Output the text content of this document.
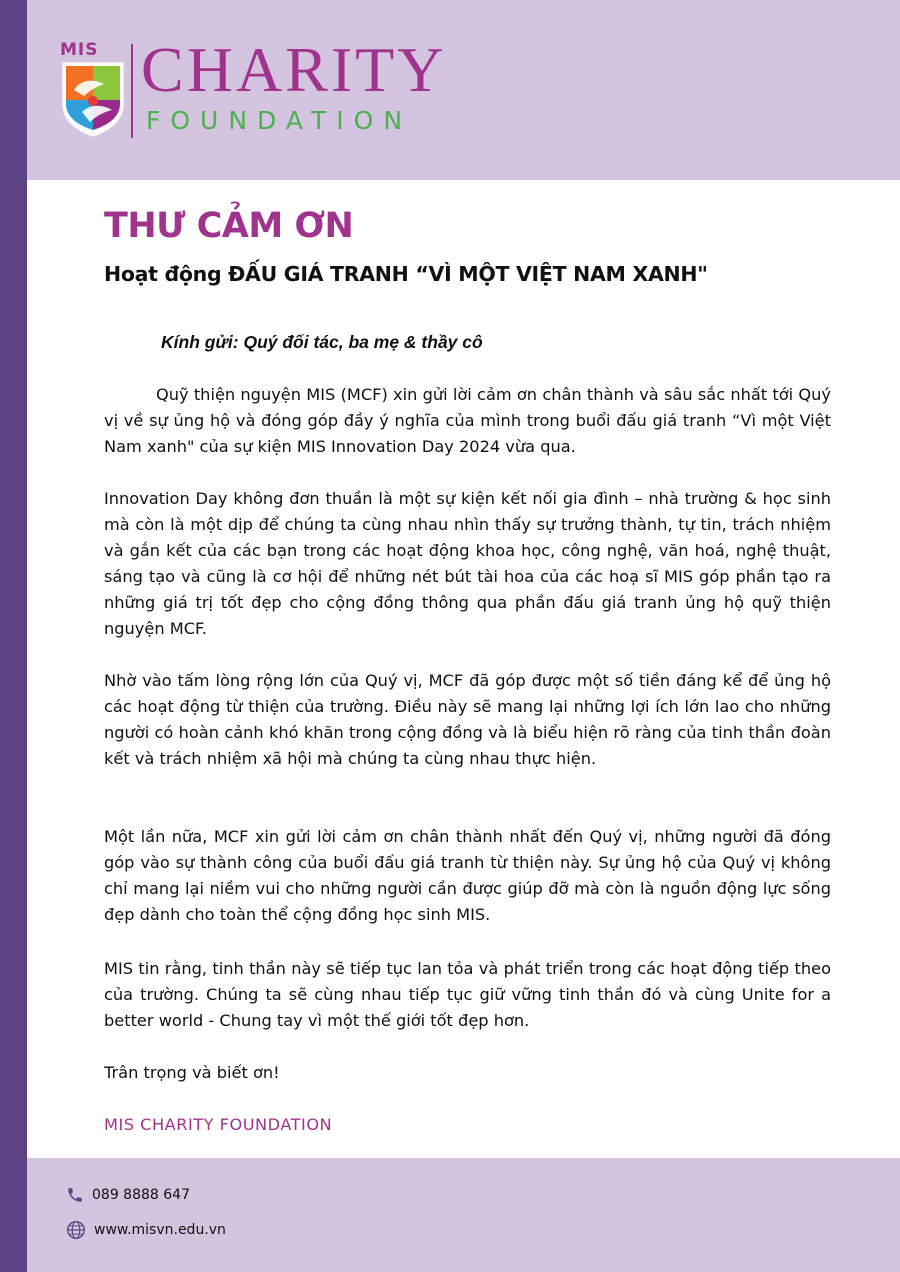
MIS CHARITY
FOUNDATION
THƯ CẢM ƠN
Hoạt động ĐẤU GIÁ TRANH “VÌ MỘT VIỆT NAM XANH"

Kính gửi: Quý đối tác, ba mẹ & thầy cô

Quỹ thiện nguyện MIS (MCF) xin gửi lời cảm ơn chân thành và sâu sắc nhất tới Quý vị về sự ủng hộ và đóng góp đầy ý nghĩa của mình trong buổi đấu giá tranh “Vì một Việt Nam xanh" của sự kiện MIS Innovation Day 2024 vừa qua.

Innovation Day không đơn thuần là một sự kiện kết nối gia đình – nhà trường & học sinh mà còn là một dịp để chúng ta cùng nhau nhìn thấy sự trưởng thành, tự tin, trách nhiệm và gắn kết của các bạn trong các hoạt động khoa học, công nghệ, văn hoá, nghệ thuật, sáng tạo và cũng là cơ hội để những nét bút tài hoa của các hoạ sĩ MIS góp phần tạo ra những giá trị tốt đẹp cho cộng đồng thông qua phần đấu giá tranh ủng hộ quỹ thiện nguyện MCF.

Nhờ vào tấm lòng rộng lớn của Quý vị, MCF đã góp được một số tiền đáng kể để ủng hộ các hoạt động từ thiện của trường. Điều này sẽ mang lại những lợi ích lớn lao cho những người có hoàn cảnh khó khăn trong cộng đồng và là biểu hiện rõ ràng của tinh thần đoàn kết và trách nhiệm xã hội mà chúng ta cùng nhau thực hiện.

Một lần nữa, MCF xin gửi lời cảm ơn chân thành nhất đến Quý vị, những người đã đóng góp vào sự thành công của buổi đấu giá tranh từ thiện này. Sự ủng hộ của Quý vị không chỉ mang lại niềm vui cho những người cần được giúp đỡ mà còn là nguồn động lực sống đẹp dành cho toàn thể cộng đồng học sinh MIS.

MIS tin rằng, tinh thần này sẽ tiếp tục lan tỏa và phát triển trong các hoạt động tiếp theo của trường. Chúng ta sẽ cùng nhau tiếp tục giữ vững tinh thần đó và cùng Unite for a better world - Chung tay vì một thế giới tốt đẹp hơn.

Trân trọng và biết ơn!

MIS CHARITY FOUNDATION

089 8888 647
www.misvn.edu.vn
